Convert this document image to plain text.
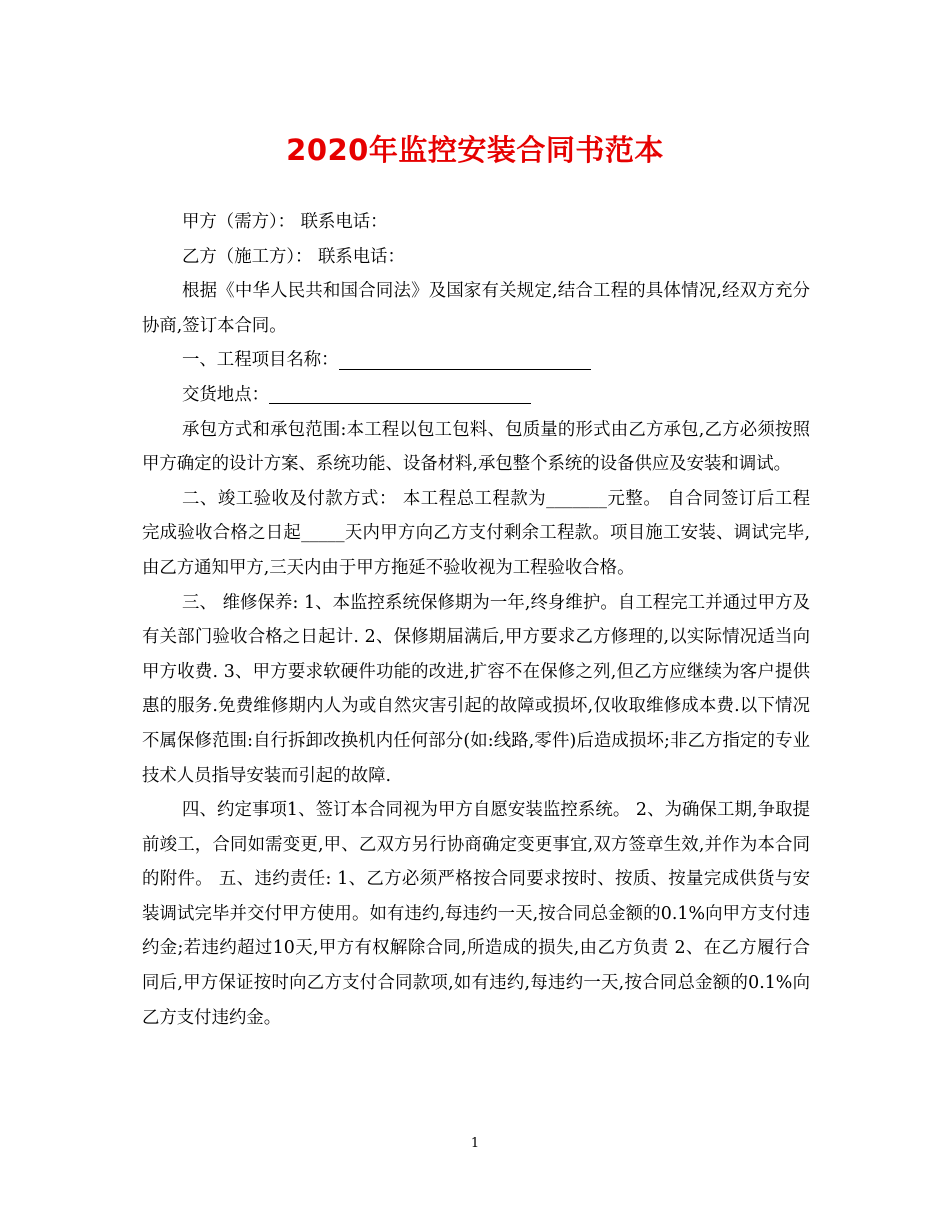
2020年监控安装合同书范本

甲方（需方）： 联系电话：

乙方（施工方）： 联系电话：

根据《中华人民共和国合同法》及国家有关规定,结合工程的具体情况,经双方充分协商,签订本合同。

一、工程项目名称：

交货地点：

承包方式和承包范围:本工程以包工包料、包质量的形式由乙方承包,乙方必须按照甲方确定的设计方案、系统功能、设备材料,承包整个系统的设备供应及安装和调试。

二、竣工验收及付款方式： 本工程总工程款为_______元整。 自合同签订后工程完成验收合格之日起_____天内甲方向乙方支付剩余工程款。项目施工安装、调试完毕,由乙方通知甲方,三天内由于甲方拖延不验收视为工程验收合格。

三、 维修保养: 1、本监控系统保修期为一年,终身维护。自工程完工并通过甲方及有关部门验收合格之日起计. 2、保修期届满后,甲方要求乙方修理的,以实际情况适当向甲方收费. 3、甲方要求软硬件功能的改进,扩容不在保修之列,但乙方应继续为客户提供惠的服务.免费维修期内人为或自然灾害引起的故障或损坏,仅收取维修成本费.以下情况不属保修范围:自行拆卸改换机内任何部分(如:线路,零件)后造成损坏;非乙方指定的专业技术人员指导安装而引起的故障.

四、约定事项1、签订本合同视为甲方自愿安装监控系统。 2、为确保工期,争取提前竣工，合同如需变更,甲、乙双方另行协商确定变更事宜,双方签章生效,并作为本合同的附件。 五、违约责任: 1、乙方必须严格按合同要求按时、按质、按量完成供货与安装调试完毕并交付甲方使用。如有违约,每违约一天,按合同总金额的0.1%向甲方支付违约金;若违约超过10天,甲方有权解除合同,所造成的损失,由乙方负责 2、在乙方履行合同后,甲方保证按时向乙方支付合同款项,如有违约,每违约一天,按合同总金额的0.1%向乙方支付违约金。

1
